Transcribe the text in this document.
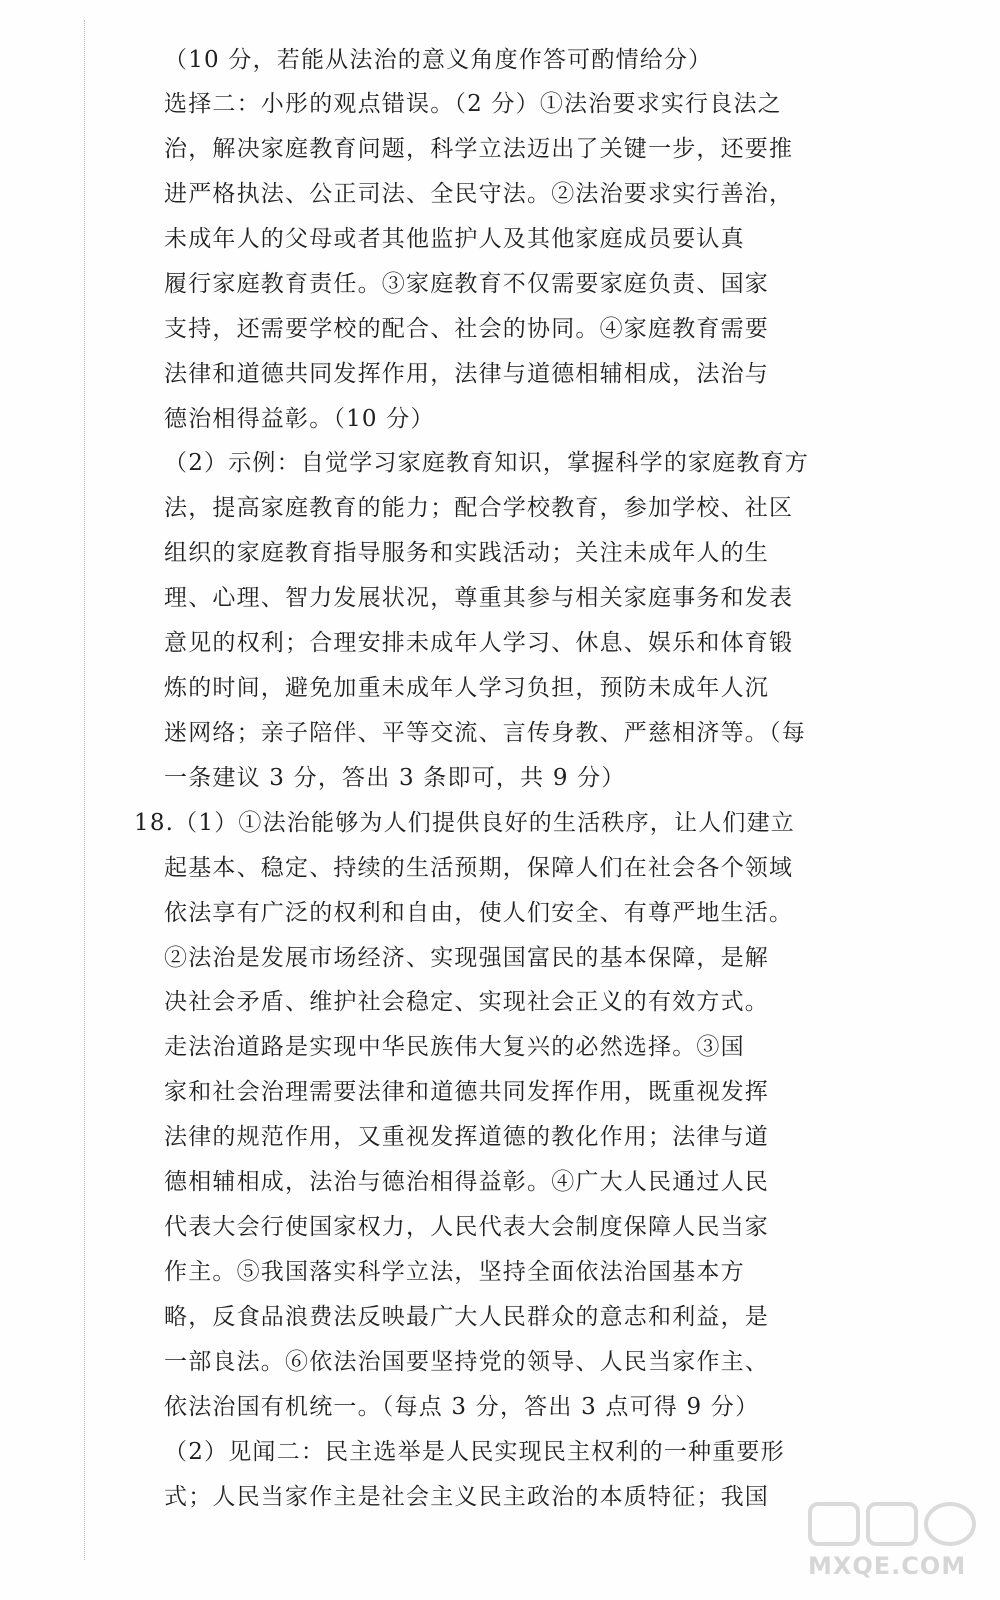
（10 分，若能从法治的意义角度作答可酌情给分）
选择二：小彤的观点错误。（2 分）①法治要求实行良法之
治，解决家庭教育问题，科学立法迈出了关键一步，还要推
进严格执法、公正司法、全民守法。②法治要求实行善治，
未成年人的父母或者其他监护人及其他家庭成员要认真
履行家庭教育责任。③家庭教育不仅需要家庭负责、国家
支持，还需要学校的配合、社会的协同。④家庭教育需要
法律和道德共同发挥作用，法律与道德相辅相成，法治与
德治相得益彰。（10 分）
（2）示例：自觉学习家庭教育知识，掌握科学的家庭教育方
法，提高家庭教育的能力；配合学校教育，参加学校、社区
组织的家庭教育指导服务和实践活动；关注未成年人的生
理、心理、智力发展状况，尊重其参与相关家庭事务和发表
意见的权利；合理安排未成年人学习、休息、娱乐和体育锻
炼的时间，避免加重未成年人学习负担，预防未成年人沉
迷网络；亲子陪伴、平等交流、言传身教、严慈相济等。（每
一条建议 3 分，答出 3 条即可，共 9 分）
18.（1）①法治能够为人们提供良好的生活秩序，让人们建立
起基本、稳定、持续的生活预期，保障人们在社会各个领域
依法享有广泛的权利和自由，使人们安全、有尊严地生活。
②法治是发展市场经济、实现强国富民的基本保障，是解
决社会矛盾、维护社会稳定、实现社会正义的有效方式。
走法治道路是实现中华民族伟大复兴的必然选择。③国
家和社会治理需要法律和道德共同发挥作用，既重视发挥
法律的规范作用，又重视发挥道德的教化作用；法律与道
德相辅相成，法治与德治相得益彰。④广大人民通过人民
代表大会行使国家权力，人民代表大会制度保障人民当家
作主。⑤我国落实科学立法，坚持全面依法治国基本方
略，反食品浪费法反映最广大人民群众的意志和利益，是
一部良法。⑥依法治国要坚持党的领导、人民当家作主、
依法治国有机统一。（每点 3 分，答出 3 点可得 9 分）
（2）见闻二：民主选举是人民实现民主权利的一种重要形
式；人民当家作主是社会主义民主政治的本质特征；我国
MXQE.COM
